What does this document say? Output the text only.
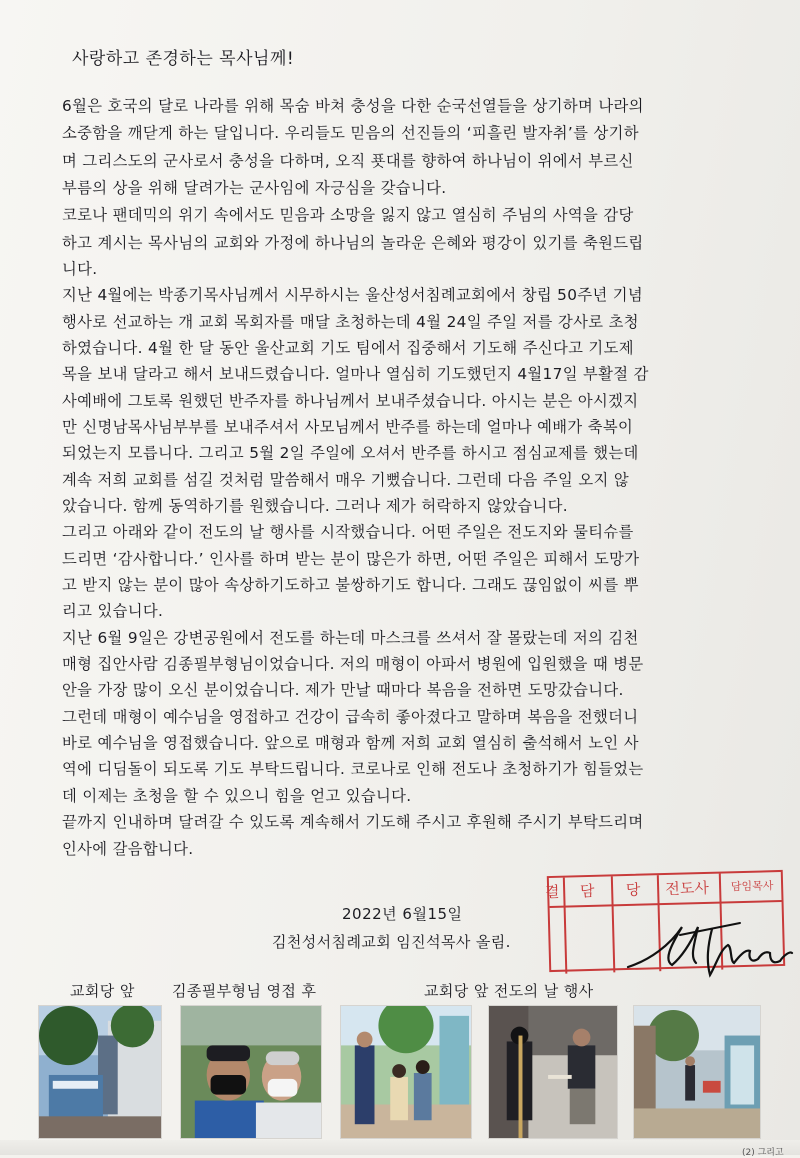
사랑하고 존경하는 목사님께!
6월은 호국의 달로 나라를 위해 목숨 바쳐 충성을 다한 순국선열들을 상기하며 나라의
소중함을 깨닫게 하는 달입니다. 우리들도 믿음의 선진들의 ‘피흘린 발자취’를 상기하
며 그리스도의 군사로서 충성을 다하며, 오직 푯대를 향하여 하나님이 위에서 부르신
부름의 상을 위해 달려가는 군사임에 자긍심을 갖습니다.
코로나 팬데믹의 위기 속에서도 믿음과 소망을 잃지 않고 열심히 주님의 사역을 감당
하고 계시는 목사님의 교회와 가정에 하나님의 놀라운 은혜와 평강이 있기를 축원드립
니다.
지난 4월에는 박종기목사님께서 시무하시는 울산성서침례교회에서 창립 50주년 기념
행사로 선교하는 개 교회 목회자를 매달 초청하는데 4월 24일 주일 저를 강사로 초청
하였습니다. 4월 한 달 동안 울산교회 기도 팀에서 집중해서 기도해 주신다고 기도제
목을 보내 달라고 해서 보내드렸습니다. 얼마나 열심히 기도했던지 4월17일 부활절 감
사예배에 그토록 원했던 반주자를 하나님께서 보내주셨습니다. 아시는 분은 아시겠지
만 신명남목사님부부를 보내주셔서 사모님께서 반주를 하는데 얼마나 예배가 축복이
되었는지 모릅니다. 그리고 5월 2일 주일에 오셔서 반주를 하시고 점심교제를 했는데
계속 저희 교회를 섬길 것처럼 말씀해서 매우 기뻤습니다. 그런데 다음 주일 오지 않
았습니다. 함께 동역하기를 원했습니다. 그러나 제가 허락하지 않았습니다.
그리고 아래와 같이 전도의 날 행사를 시작했습니다. 어떤 주일은 전도지와 물티슈를
드리면 ‘감사합니다.’ 인사를 하며 받는 분이 많은가 하면, 어떤 주일은 피해서 도망가
고 받지 않는 분이 많아 속상하기도하고 불쌍하기도 합니다. 그래도 끊임없이 씨를 뿌
리고 있습니다.
지난 6월 9일은 강변공원에서 전도를 하는데 마스크를 쓰셔서 잘 몰랐는데 저의 김천
매형 집안사람 김종필부형님이었습니다. 저의 매형이 아파서 병원에 입원했을 때 병문
안을 가장 많이 오신 분이었습니다. 제가 만날 때마다 복음을 전하면 도망갔습니다.
그런데 매형이 예수님을 영접하고 건강이 급속히 좋아졌다고 말하며 복음을 전했더니
바로 예수님을 영접했습니다. 앞으로 매형과 함께 저희 교회 열심히 출석해서 노인 사
역에 디딤돌이 되도록 기도 부탁드립니다. 코로나로 인해 전도나 초청하기가 힘들었는
데 이제는 초청을 할 수 있으니 힘을 얻고 있습니다.
끝까지 인내하며 달려갈 수 있도록 계속해서 기도해 주시고 후원해 주시기 부탁드리며
인사에 갈음합니다.
2022년 6월15일
김천성서침례교회 임진석목사 올림.
결	담	당	전도사	담임목사
교회당 앞 김종필부형님 영접 후	교회당 앞 전도의 날 행사
(2) 그리고
